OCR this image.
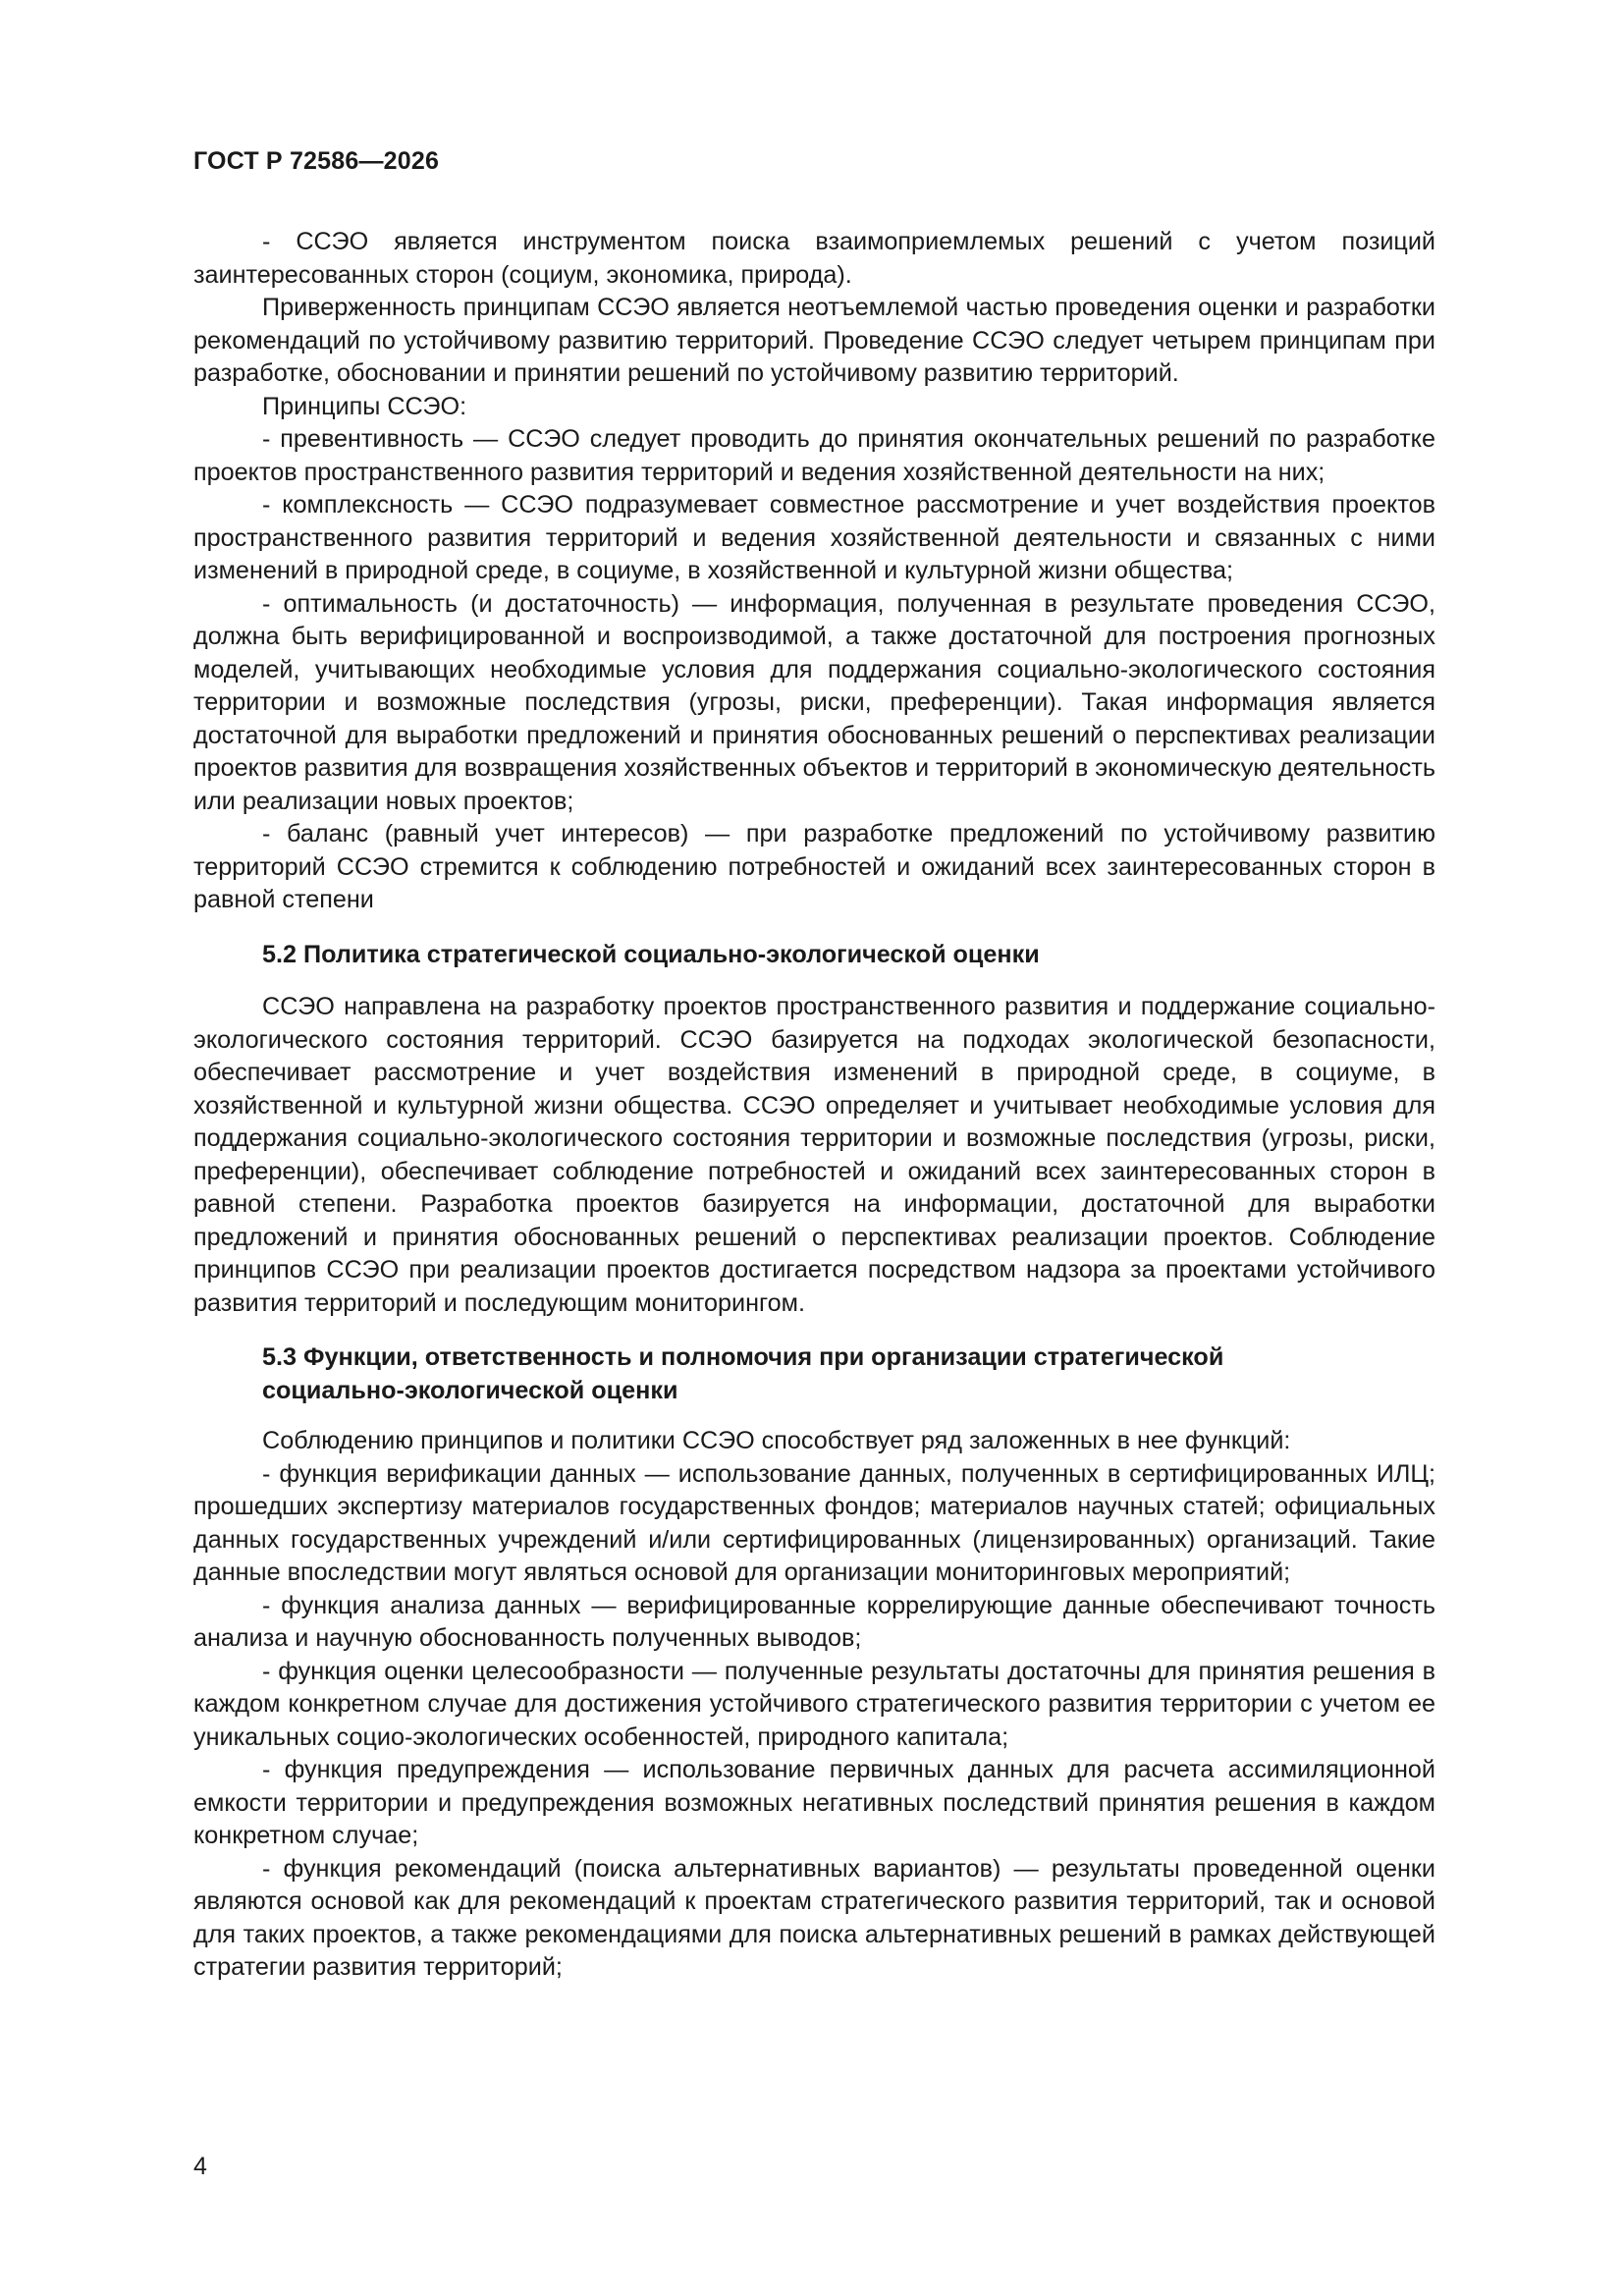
ГОСТ Р 72586—2026

- ССЭО является инструментом поиска взаимоприемлемых решений с учетом позиций заинтересованных сторон (социум, экономика, природа).

Приверженность принципам ССЭО является неотъемлемой частью проведения оценки и разработки рекомендаций по устойчивому развитию территорий. Проведение ССЭО следует четырем принципам при разработке, обосновании и принятии решений по устойчивому развитию территорий.

Принципы ССЭО:

- превентивность — ССЭО следует проводить до принятия окончательных решений по разработке проектов пространственного развития территорий и ведения хозяйственной деятельности на них;

- комплексность — ССЭО подразумевает совместное рассмотрение и учет воздействия проектов пространственного развития территорий и ведения хозяйственной деятельности и связанных с ними изменений в природной среде, в социуме, в хозяйственной и культурной жизни общества;

- оптимальность (и достаточность) — информация, полученная в результате проведения ССЭО, должна быть верифицированной и воспроизводимой, а также достаточной для построения прогнозных моделей, учитывающих необходимые условия для поддержания социально-экологического состояния территории и возможные последствия (угрозы, риски, преференции). Такая информация является достаточной для выработки предложений и принятия обоснованных решений о перспективах реализации проектов развития для возвращения хозяйственных объектов и территорий в экономическую деятельность или реализации новых проектов;

- баланс (равный учет интересов) — при разработке предложений по устойчивому развитию территорий ССЭО стремится к соблюдению потребностей и ожиданий всех заинтересованных сторон в равной степени

5.2 Политика стратегической социально-экологической оценки

ССЭО направлена на разработку проектов пространственного развития и поддержание социально-экологического состояния территорий. ССЭО базируется на подходах экологической безопасности, обеспечивает рассмотрение и учет воздействия изменений в природной среде, в социуме, в хозяйственной и культурной жизни общества. ССЭО определяет и учитывает необходимые условия для поддержания социально-экологического состояния территории и возможные последствия (угрозы, риски, преференции), обеспечивает соблюдение потребностей и ожиданий всех заинтересованных сторон в равной степени. Разработка проектов базируется на информации, достаточной для выработки предложений и принятия обоснованных решений о перспективах реализации проектов. Соблюдение принципов ССЭО при реализации проектов достигается посредством надзора за проектами устойчивого развития территорий и последующим мониторингом.

5.3 Функции, ответственность и полномочия при организации стратегической
социально-экологической оценки

Соблюдению принципов и политики ССЭО способствует ряд заложенных в нее функций:

- функция верификации данных — использование данных, полученных в сертифицированных ИЛЦ; прошедших экспертизу материалов государственных фондов; материалов научных статей; официальных данных государственных учреждений и/или сертифицированных (лицензированных) организаций. Такие данные впоследствии могут являться основой для организации мониторинговых мероприятий;

- функция анализа данных — верифицированные коррелирующие данные обеспечивают точность анализа и научную обоснованность полученных выводов;

- функция оценки целесообразности — полученные результаты достаточны для принятия решения в каждом конкретном случае для достижения устойчивого стратегического развития территории с учетом ее уникальных социо-экологических особенностей, природного капитала;

- функция предупреждения — использование первичных данных для расчета ассимиляционной емкости территории и предупреждения возможных негативных последствий принятия решения в каждом конкретном случае;

- функция рекомендаций (поиска альтернативных вариантов) — результаты проведенной оценки являются основой как для рекомендаций к проектам стратегического развития территорий, так и основой для таких проектов, а также рекомендациями для поиска альтернативных решений в рамках действующей стратегии развития территорий;

4
